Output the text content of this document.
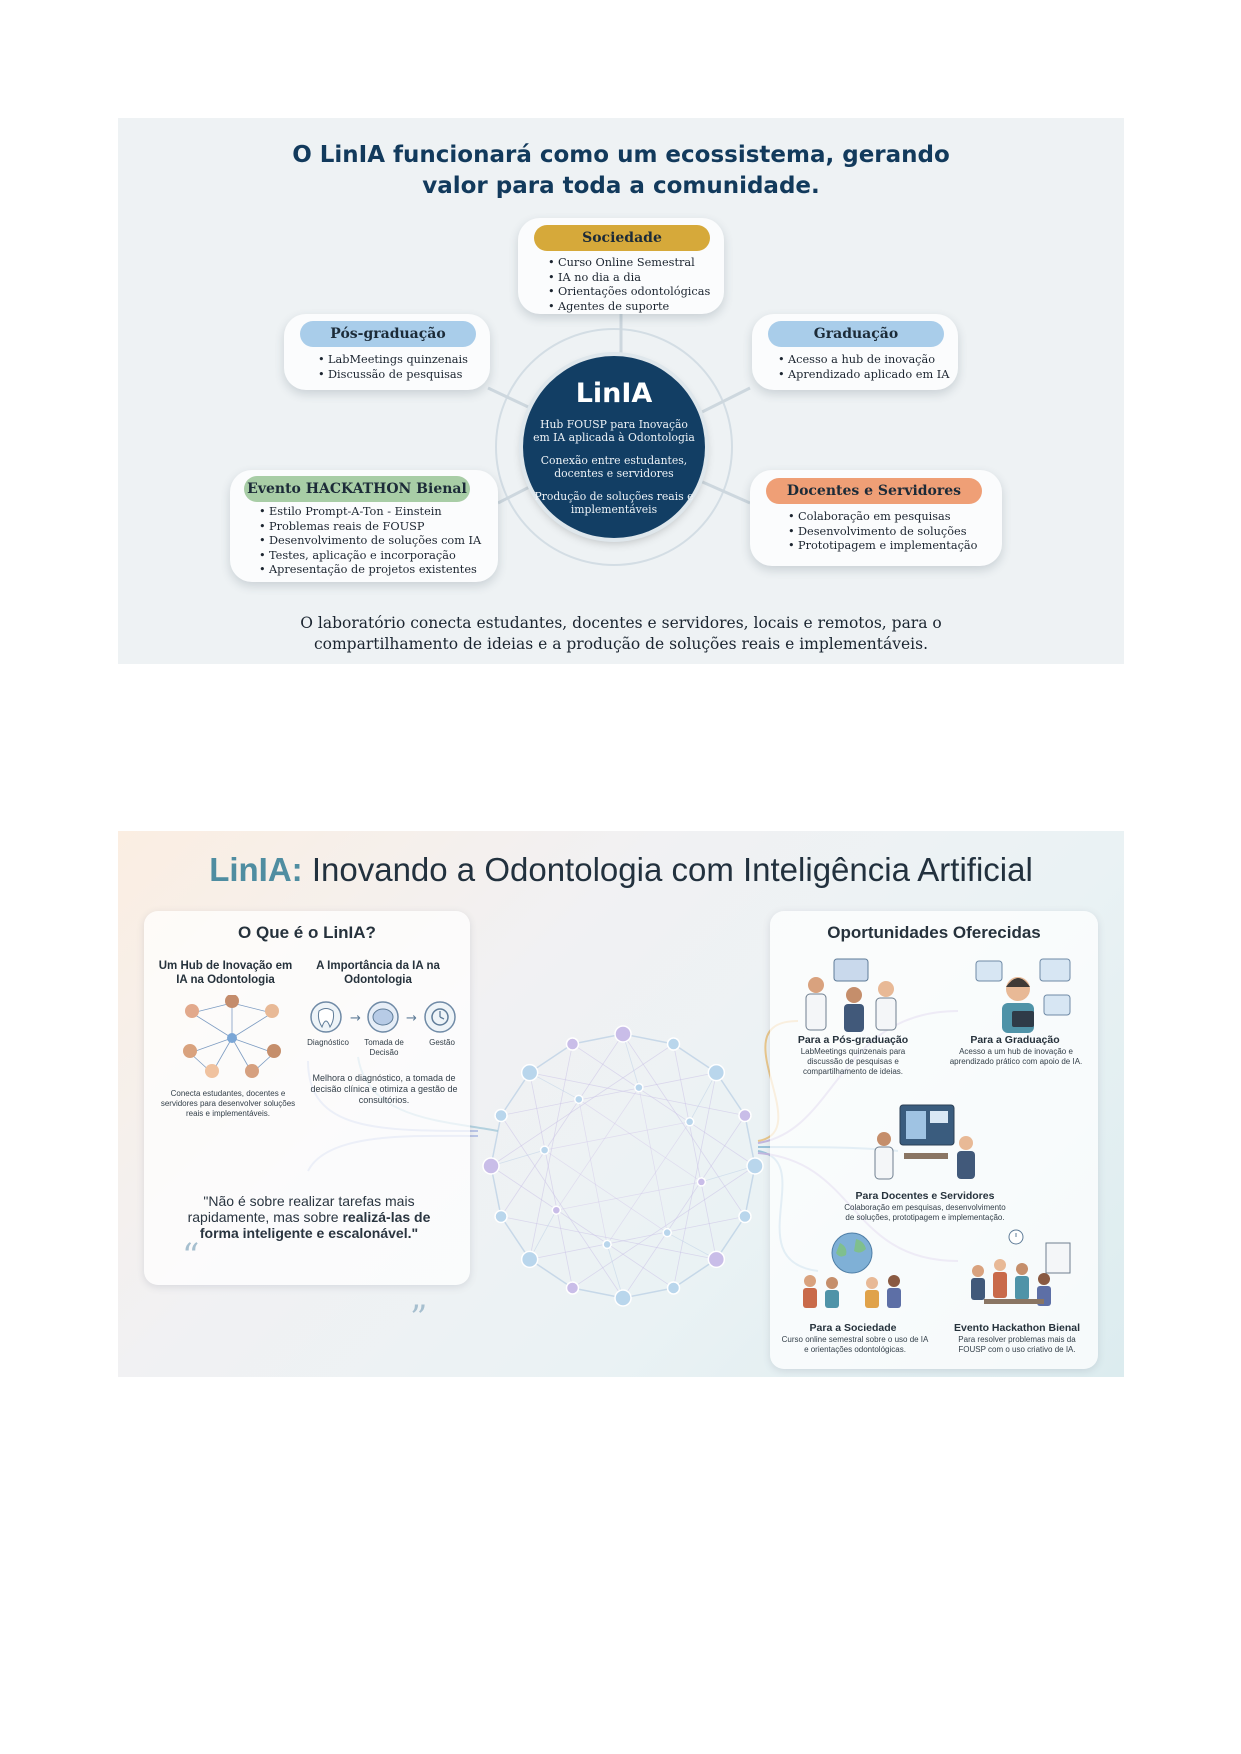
O LinIA funcionará como um ecossistema, gerando
valor para toda a comunidade.
Sociedade
• Curso Online Semestral
• IA no dia a dia
• Orientações odontológicas
• Agentes de suporte
Pós-graduação
• LabMeetings quinzenais
• Discussão de pesquisas
Graduação
• Acesso a hub de inovação
• Aprendizado aplicado em IA
Evento HACKATHON Bienal
• Estilo Prompt-A-Ton - Einstein
• Problemas reais de FOUSP
• Desenvolvimento de soluções com IA
• Testes, aplicação e incorporação
• Apresentação de projetos existentes
Docentes e Servidores
• Colaboração em pesquisas
• Desenvolvimento de soluções
• Prototipagem e implementação
LinIA
Hub FOUSP para Inovação em IA aplicada à Odontologia
Conexão entre estudantes, docentes e servidores
Produção de soluções reais e implementáveis
O laboratório conecta estudantes, docentes e servidores, locais e remotos, para o
compartilhamento de ideias e a produção de soluções reais e implementáveis.
LinIA: Inovando a Odontologia com Inteligência Artificial
O Que é o LinIA?
Um Hub de Inovação em IA na Odontologia
Conecta estudantes, docentes e servidores para desenvolver soluções reais e implementáveis.
A Importância da IA na Odontologia
→	→
Diagnóstico	Tomada de Decisão
Gestão
Melhora o diagnóstico, a tomada de decisão clínica e otimiza a gestão de consultórios.
“
”
"Não é sobre realizar tarefas mais rapidamente, mas sobre realizá-las de forma inteligente e escalonável."
Oportunidades Oferecidas
Para a Pós-graduação
LabMeetings quinzenais para discussão de pesquisas e compartilhamento de ideias.
Para a Graduação
Acesso a um hub de inovação e aprendizado prático com apoio de IA.
Para Docentes e Servidores
Colaboração em pesquisas, desenvolvimento de soluções, prototipagem e implementação.
Para a Sociedade
Curso online semestral sobre o uso de IA e orientações odontológicas.
Evento Hackathon Bienal
Para resolver problemas mais da FOUSP com o uso criativo de IA.
